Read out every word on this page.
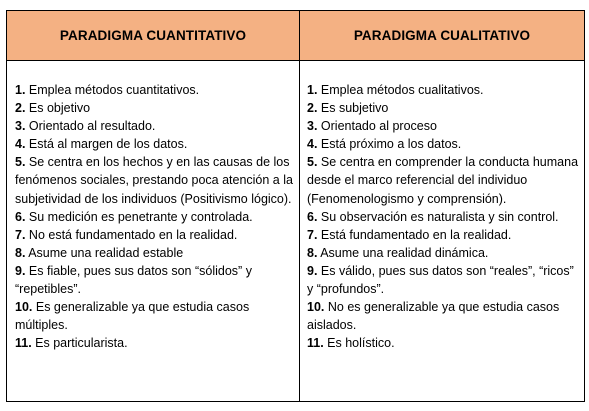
PARADIGMA CUANTITATIVO	PARADIGMA CUALITATIVO

1. Emplea métodos cuantitativos.

2. Es objetivo

3. Orientado al resultado.

4. Está al margen de los datos.

5. Se centra en los hechos y en las causas de los fenómenos sociales, prestando poca atención a la subjetividad de los individuos (Positivismo lógico).

6. Su medición es penetrante y controlada.

7. No está fundamentado en la realidad.

8. Asume una realidad estable

9. Es fiable, pues sus datos son “sólidos” y “repetibles”.

10. Es generalizable ya que estudia casos múltiples.

11. Es particularista.

1. Emplea métodos cualitativos.

2. Es subjetivo

3. Orientado al proceso

4. Está próximo a los datos.

5. Se centra en comprender la conducta humana desde el marco referencial del individuo (Fenomenologismo y comprensión).

6. Su observación es naturalista y sin control.

7. Está fundamentado en la realidad.

8. Asume una realidad dinámica.

9. Es válido, pues sus datos son “reales”, “ricos” y “profundos”.

10. No es generalizable ya que estudia casos aislados.

11. Es holístico.
